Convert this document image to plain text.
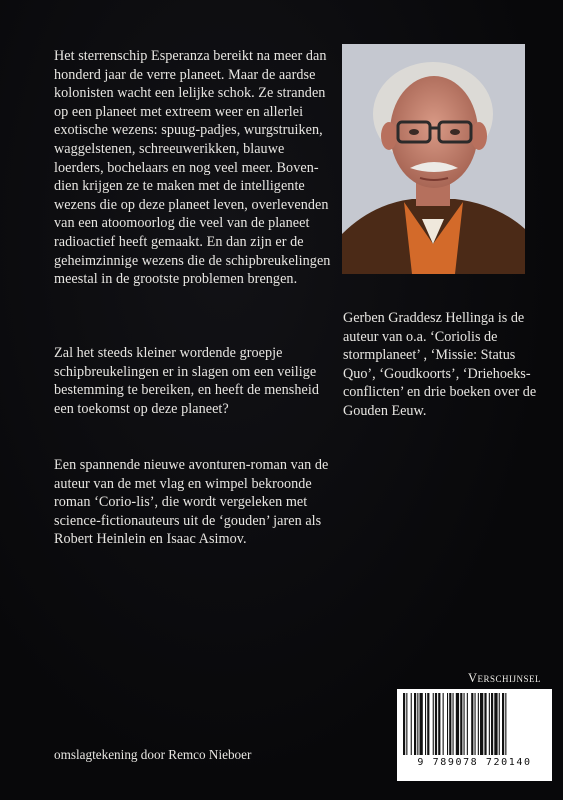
Het sterrenschip Esperanza bereikt na meer dan honderd jaar de verre planeet. Maar de aardse kolonisten wacht een lelijke schok. Ze stranden op een planeet met extreem weer en allerlei exotische wezens: spuug-padjes, wurgstruiken, waggelstenen, schreeuwerikken, blauwe loerders, bochelaars en nog veel meer. Boven-dien krijgen ze te maken met de intelligente wezens die op deze planeet leven, overlevenden van een atoomoorlog die veel van de planeet radioactief heeft gemaakt. En dan zijn er de geheimzinnige wezens die de schipbreukelingen meestal in de grootste problemen brengen.

Zal het steeds kleiner wordende groepje schipbreukelingen er in slagen om een veilige bestemming te bereiken, en heeft de mensheid een toekomst op deze planeet?

Een spannende nieuwe avonturen-roman van de auteur van de met vlag en wimpel bekroonde roman ‘Corio-lis’, die wordt vergeleken met science-fictionauteurs uit de ‘gouden’ jaren als Robert Heinlein en Isaac Asimov.

Gerben Graddesz Hellinga is de auteur van o.a. ‘Coriolis de stormplaneet’ , ‘Missie: Status Quo’, ‘Goudkoorts’, ‘Driehoeks-conflicten’ en drie boeken over de Gouden Eeuw.

Verschijnsel
9 789078 720140

omslagtekening door Remco Nieboer
